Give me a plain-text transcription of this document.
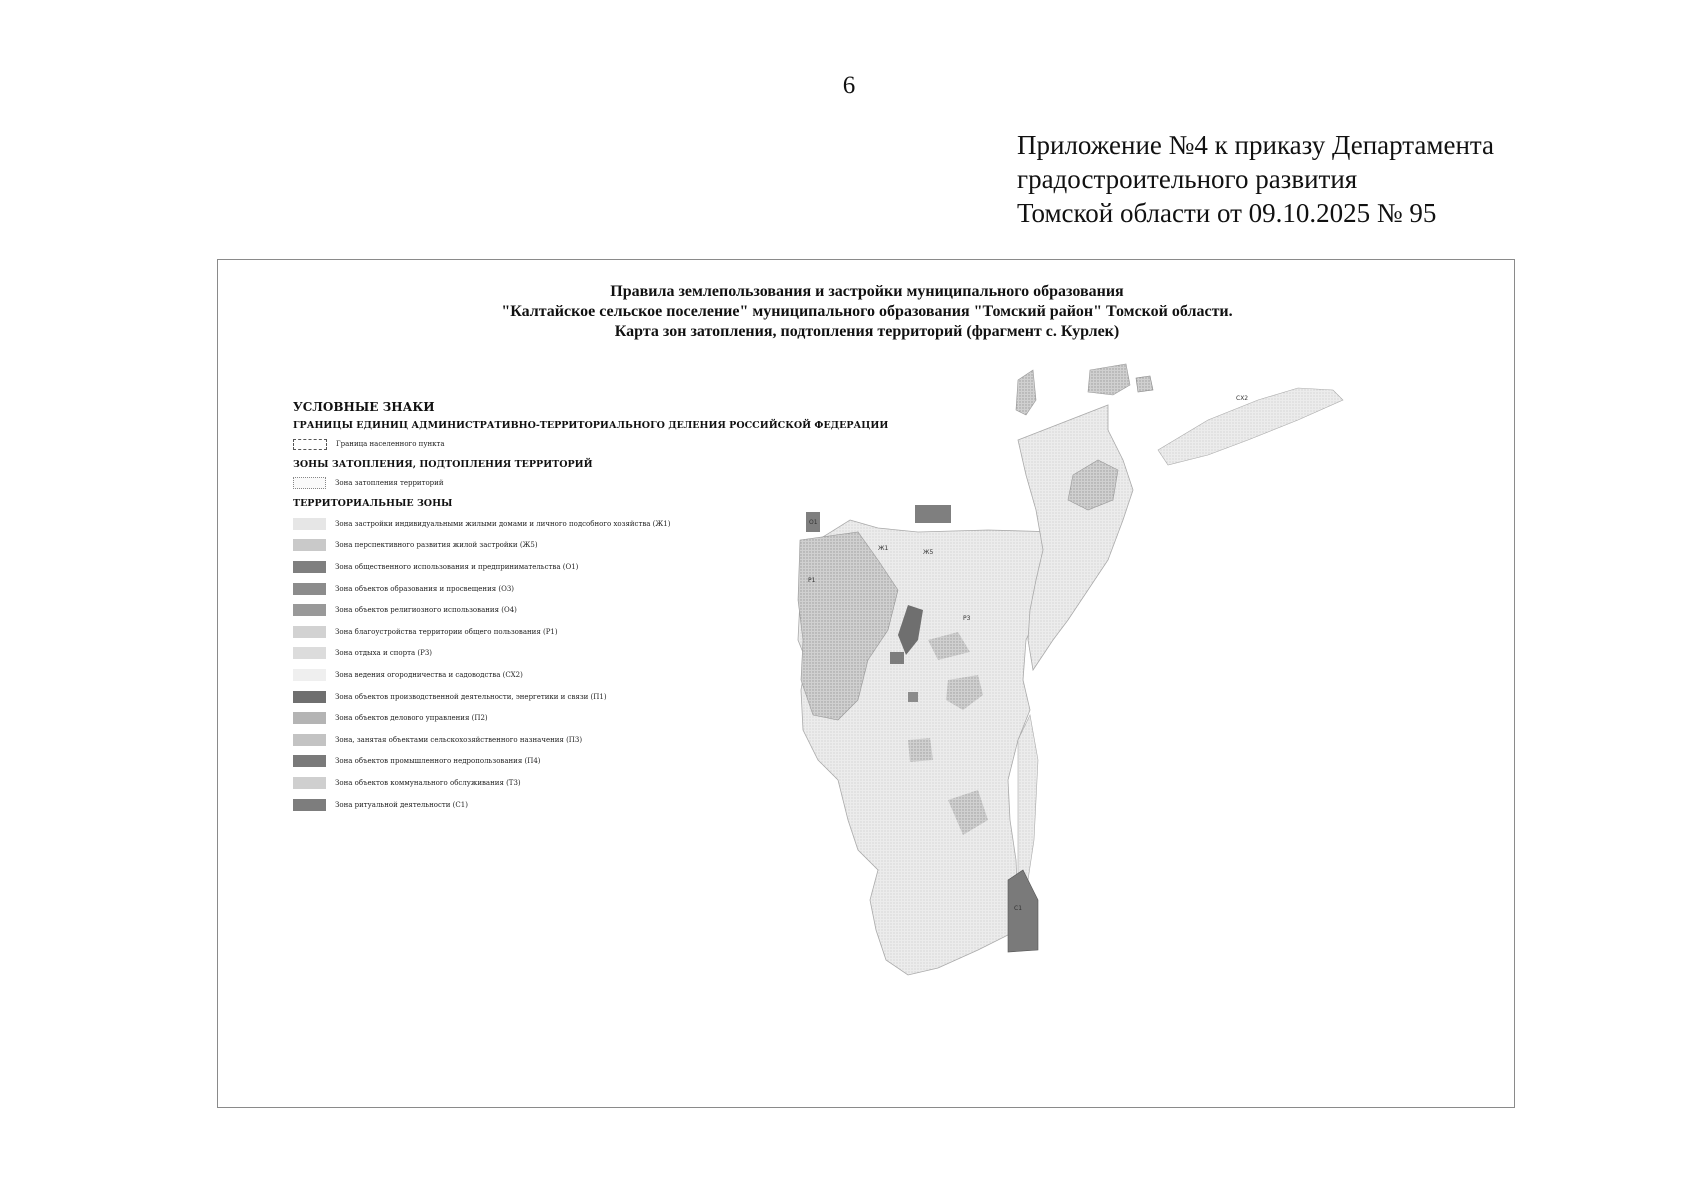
6
Приложение №4 к приказу Департамента
градостроительного развития
Томской области от 09.10.2025 № 95
СХ2
Р1
Ж1
Ж5
О1
Р3
С1
Правила землепользования и застройки муниципального образования
"Калтайское сельское поселение" муниципального образования "Томский район" Томской области.
Карта зон затопления, подтопления территорий (фрагмент с. Курлек)
УСЛОВНЫЕ ЗНАКИ
ГРАНИЦЫ ЕДИНИЦ АДМИНИСТРАТИВНО-ТЕРРИТОРИАЛЬНОГО ДЕЛЕНИЯ РОССИЙСКОЙ ФЕДЕРАЦИИ
Граница населенного пункта
ЗОНЫ ЗАТОПЛЕНИЯ, ПОДТОПЛЕНИЯ ТЕРРИТОРИЙ
Зона затопления территорий
ТЕРРИТОРИАЛЬНЫЕ ЗОНЫ
Зона застройки индивидуальными жилыми домами и личного подсобного хозяйства (Ж1)
Зона перспективного развития жилой застройки (Ж5)
Зона общественного использования и предпринимательства (О1)
Зона объектов образования и просвещения (О3)
Зона объектов религиозного использования (О4)
Зона благоустройства территории общего пользования (Р1)
Зона отдыха и спорта (Р3)
Зона ведения огородничества и садоводства (СХ2)
Зона объектов производственной деятельности, энергетики и связи (П1)
Зона объектов делового управления (П2)
Зона, занятая объектами сельскохозяйственного назначения (П3)
Зона объектов промышленного недропользования (П4)
Зона объектов коммунального обслуживания (Т3)
Зона ритуальной деятельности (С1)
